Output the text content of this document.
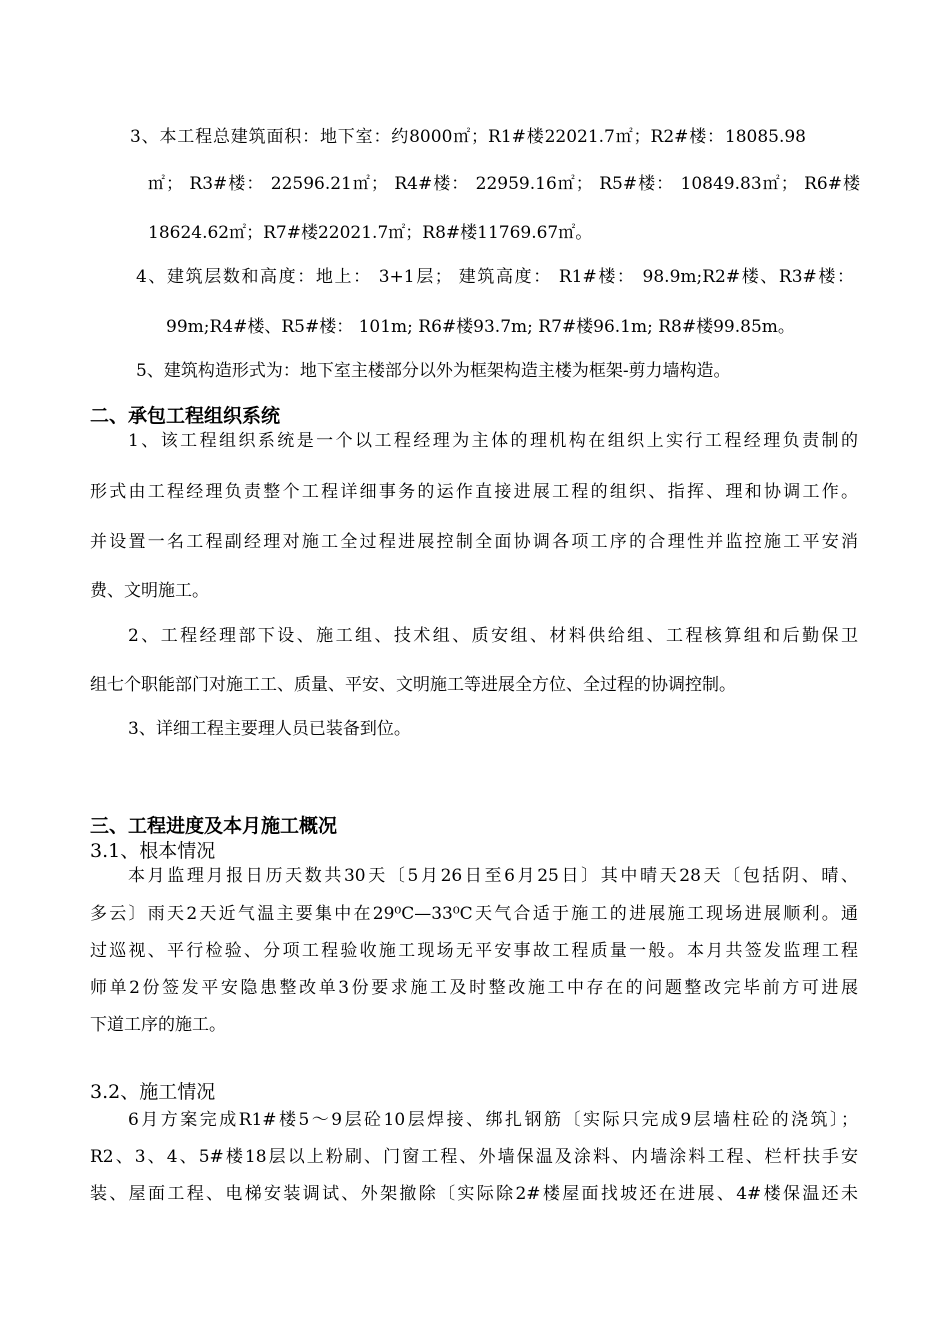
3、本工程总建筑面积：地下室：约8000㎡；R1#楼22021.7㎡；R2#楼：18085.98
㎡； R3#楼： 22596.21㎡； R4#楼： 22959.16㎡； R5#楼： 10849.83㎡； R6#楼
18624.62㎡；R7#楼22021.7㎡；R8#楼11769.67㎡。
4、建筑层数和高度：地上： 3+1层； 建筑高度： R1#楼： 98.9m;R2#楼、R3#楼：
99m;R4#楼、R5#楼： 101m; R6#楼93.7m; R7#楼96.1m; R8#楼99.85m。
5、建筑构造形式为：地下室主楼部分以外为框架构造主楼为框架-剪力墙构造。
二、承包工程组织系统
1、该工程组织系统是一个以工程经理为主体的理机构在组织上实行工程经理负责制的
形式由工程经理负责整个工程详细事务的运作直接进展工程的组织、指挥、理和协调工作。
并设置一名工程副经理对施工全过程进展控制全面协调各项工序的合理性并监控施工平安消
费、文明施工。
2、工程经理部下设、施工组、技术组、质安组、材料供给组、工程核算组和后勤保卫
组七个职能部门对施工工、质量、平安、文明施工等进展全方位、全过程的协调控制。
3、详细工程主要理人员已装备到位。
三、工程进度及本月施工概况
3.1、根本情况
本月监理月报日历天数共30天〔5月26日至6月25日〕其中晴天28天〔包括阴、晴、
多云〕雨天2天近气温主要集中在29⁰C—33⁰C天气合适于施工的进展施工现场进展顺利。通
过巡视、平行检验、分项工程验收施工现场无平安事故工程质量一般。本月共签发监理工程
师单2份签发平安隐患整改单3份要求施工及时整改施工中存在的问题整改完毕前方可进展
下道工序的施工。
3.2、施工情况
6月方案完成R1#楼5～9层砼10层焊接、绑扎钢筋〔实际只完成9层墙柱砼的浇筑〕；
R2、3、4、5#楼18层以上粉刷、门窗工程、外墙保温及涂料、内墙涂料工程、栏杆扶手安
装、屋面工程、电梯安装调试、外架撤除〔实际除2#楼屋面找坡还在进展、4#楼保温还未
